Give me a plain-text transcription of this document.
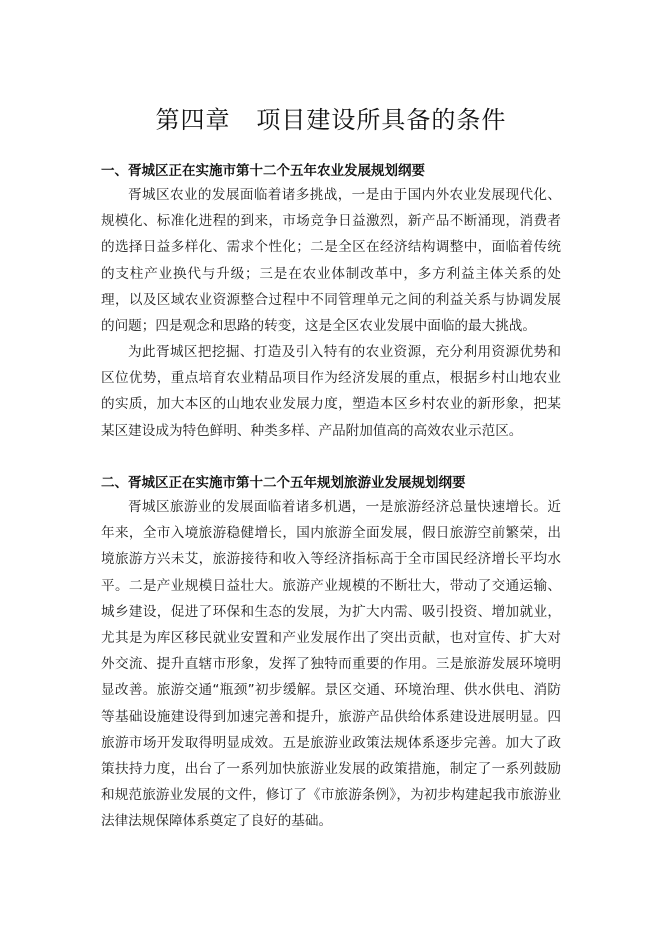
第四章   项目建设所具备的条件
一、胥城区正在实施市第十二个五年农业发展规划纲要

胥城区农业的发展面临着诸多挑战，一是由于国内外农业发展现代化、规模化、标准化进程的到来，市场竞争日益激烈，新产品不断涌现，消费者的选择日益多样化、需求个性化；二是全区在经济结构调整中，面临着传统的支柱产业换代与升级；三是在农业体制改革中，多方利益主体关系的处理，以及区域农业资源整合过程中不同管理单元之间的利益关系与协调发展的问题；四是观念和思路的转变，这是全区农业发展中面临的最大挑战。

为此胥城区把挖掘、打造及引入特有的农业资源，充分利用资源优势和区位优势，重点培育农业精品项目作为经济发展的重点，根据乡村山地农业的实质，加大本区的山地农业发展力度，塑造本区乡村农业的新形象，把某某区建设成为特色鲜明、种类多样、产品附加值高的高效农业示范区。

二、胥城区正在实施市第十二个五年规划旅游业发展规划纲要

胥城区旅游业的发展面临着诸多机遇，一是旅游经济总量快速增长。近年来，全市入境旅游稳健增长，国内旅游全面发展，假日旅游空前繁荣，出境旅游方兴未艾，旅游接待和收入等经济指标高于全市国民经济增长平均水平。二是产业规模日益壮大。旅游产业规模的不断壮大，带动了交通运输、城乡建设，促进了环保和生态的发展，为扩大内需、吸引投资、增加就业，尤其是为库区移民就业安置和产业发展作出了突出贡献，也对宣传、扩大对外交流、提升直辖市形象，发挥了独特而重要的作用。三是旅游发展环境明显改善。旅游交通“瓶颈”初步缓解。景区交通、环境治理、供水供电、消防等基础设施建设得到加速完善和提升，旅游产品供给体系建设进展明显。四旅游市场开发取得明显成效。五是旅游业政策法规体系逐步完善。加大了政策扶持力度，出台了一系列加快旅游业发展的政策措施，制定了一系列鼓励和规范旅游业发展的文件，修订了《市旅游条例》，为初步构建起我市旅游业法律法规保障体系奠定了良好的基础。
